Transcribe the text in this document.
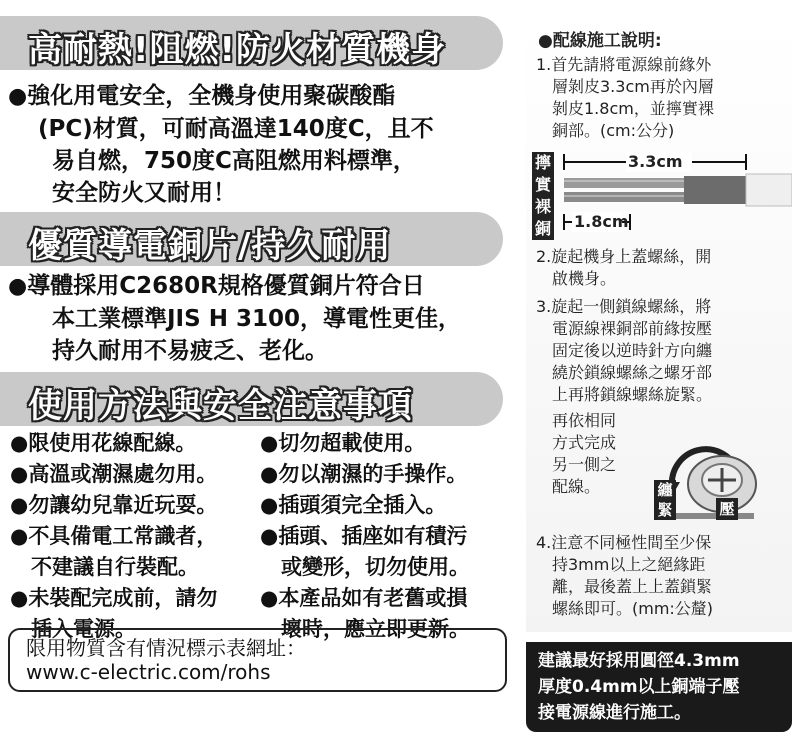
高耐熱!阻燃!防火材質機身
●強化用電安全，全機身使用聚碳酸酯
(PC)材質，可耐高溫達140度C，且不
易自燃，750度C高阻燃用料標準，
安全防火又耐用！
優質導電銅片/持久耐用
●導體採用C2680R規格優質銅片符合日
本工業標準JIS H 3100，導電性更佳，
持久耐用不易疲乏、老化。
使用方法與安全注意事項
●限使用花線配線。
●高溫或潮濕處勿用。
●勿讓幼兒靠近玩耍。
●不具備電工常識者，
　不建議自行裝配。
●未裝配完成前，請勿
　插入電源。
●切勿超載使用。
●勿以潮濕的手操作。
●插頭須完全插入。
●插頭、插座如有積污
　或變形，切勿使用。
●本產品如有老舊或損
　壞時，應立即更新。
限用物質含有情況標示表網址：
www.c-electric.com/rohs
●配線施工說明:
1.首先請將電源線前緣外
　層剝皮3.3cm再於內層
　剝皮1.8cm，並擰實裸
　銅部。(cm:公分)
擰
實
裸
銅
3.3cm
1.8cm
2.旋起機身上蓋螺絲，開
　啟機身。
3.旋起一側鎖線螺絲，將
　電源線裸銅部前緣按壓
　固定後以逆時針方向纏
　繞於鎖線螺絲之螺牙部
　上再將鎖線螺絲旋緊。
　再依相同
　方式完成
　另一側之
　配線。	纏
緊	壓
4.注意不同極性間至少保
　持3mm以上之絕緣距
　離，最後蓋上上蓋鎖緊
　螺絲即可。(mm:公釐)
建議最好採用圓徑4.3mm
厚度0.4mm以上銅端子壓
接電源線進行施工。
